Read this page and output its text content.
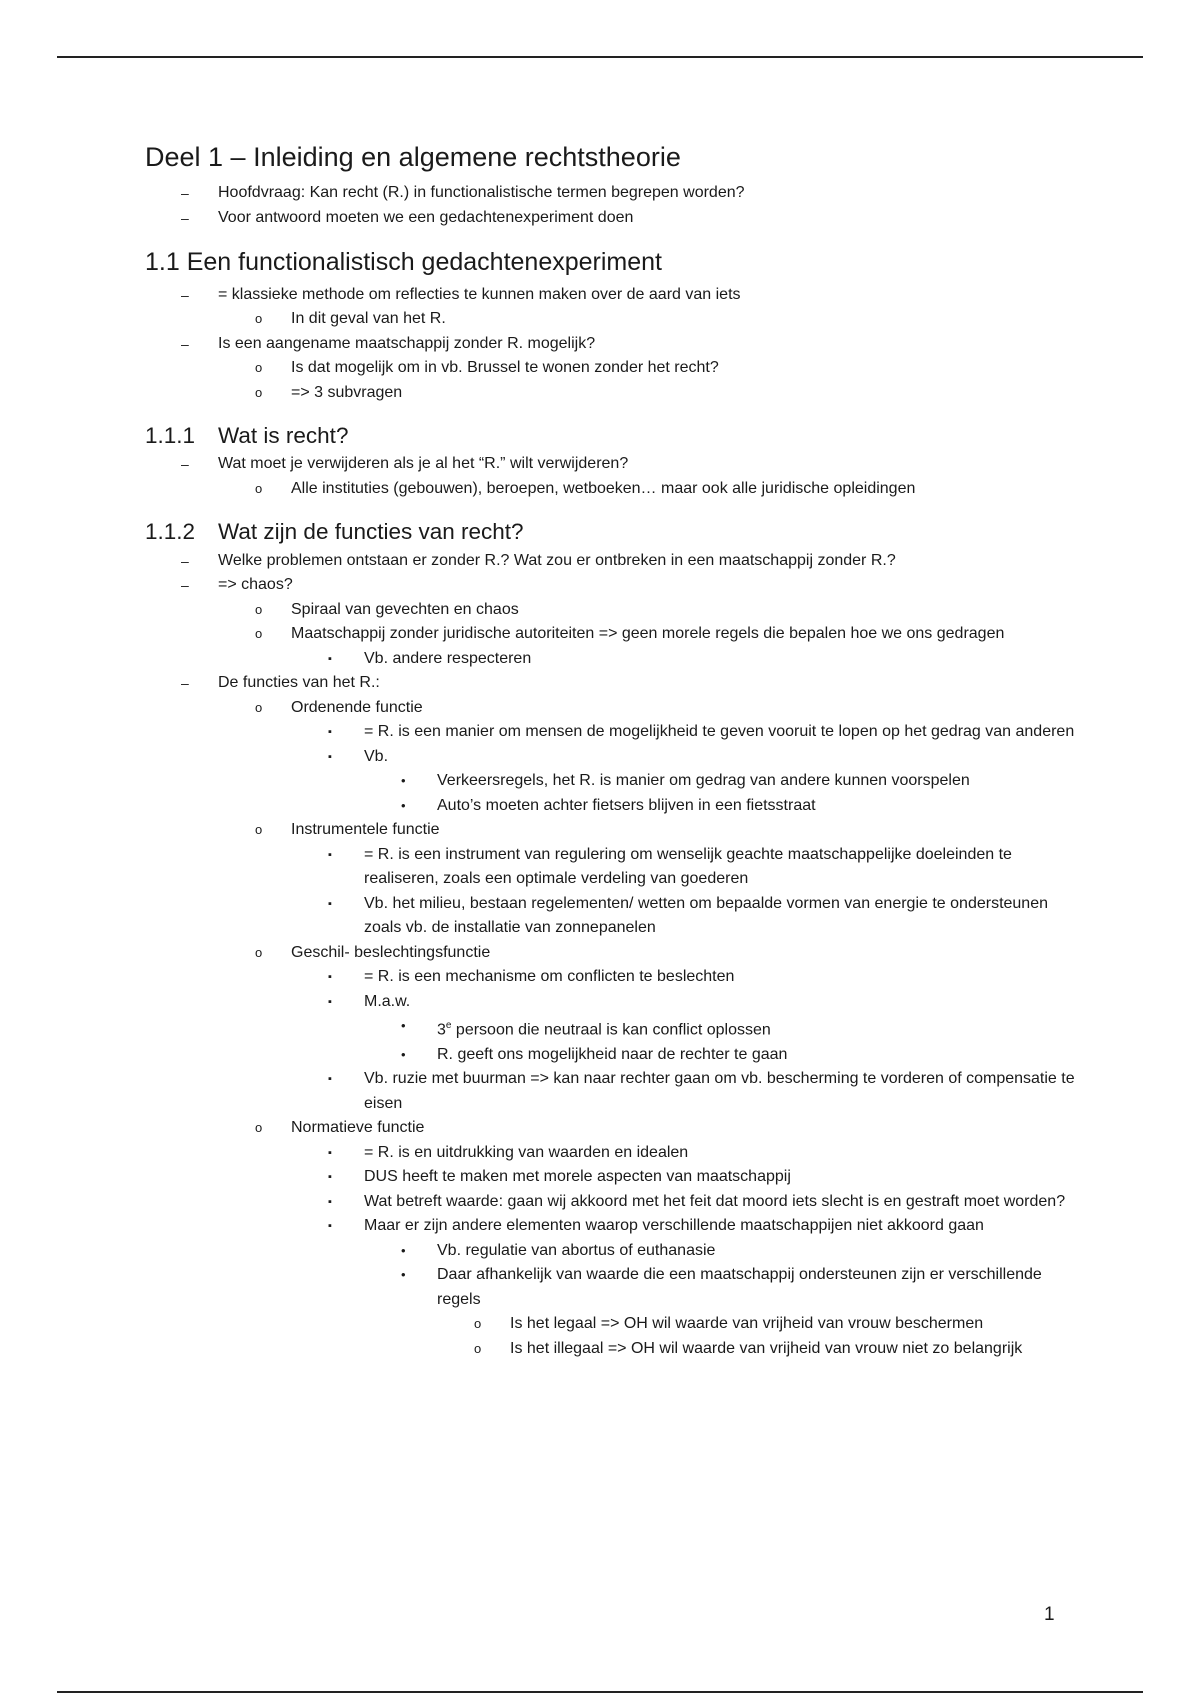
Deel 1 – Inleiding en algemene rechtstheorie
– Hoofdvraag: Kan recht (R.) in functionalistische termen begrepen worden?
– Voor antwoord moeten we een gedachtenexperiment doen
1.1 Een functionalistisch gedachtenexperiment
– = klassieke methode om reflecties te kunnen maken over de aard van iets
o In dit geval van het R.
– Is een aangename maatschappij zonder R. mogelijk?
o Is dat mogelijk om in vb. Brussel te wonen zonder het recht?
o => 3 subvragen
1.1.1 Wat is recht?
– Wat moet je verwijderen als je al het “R.” wilt verwijderen?
o Alle instituties (gebouwen), beroepen, wetboeken… maar ook alle juridische opleidingen
1.1.2 Wat zijn de functies van recht?
– Welke problemen ontstaan er zonder R.? Wat zou er ontbreken in een maatschappij zonder R.?
– => chaos?
o Spiraal van gevechten en chaos
o Maatschappij zonder juridische autoriteiten => geen morele regels die bepalen hoe we ons gedragen
▪ Vb. andere respecteren
– De functies van het R.:
o Ordenende functie
▪ = R. is een manier om mensen de mogelijkheid te geven vooruit te lopen op het gedrag van anderen
▪ Vb.
• Verkeersregels, het R. is manier om gedrag van andere kunnen voorspelen
• Auto’s moeten achter fietsers blijven in een fietsstraat
o Instrumentele functie
▪ = R. is een instrument van regulering om wenselijk geachte maatschappelijke doeleinden te realiseren, zoals een optimale verdeling van goederen
▪ Vb. het milieu, bestaan regelementen/ wetten om bepaalde vormen van energie te ondersteunen zoals vb. de installatie van zonnepanelen
o Geschil- beslechtingsfunctie
▪ = R. is een mechanisme om conflicten te beslechten
▪ M.a.w.
• 3e persoon die neutraal is kan conflict oplossen
• R. geeft ons mogelijkheid naar de rechter te gaan
▪ Vb. ruzie met buurman => kan naar rechter gaan om vb. bescherming te vorderen of compensatie te eisen
o Normatieve functie
▪ = R. is en uitdrukking van waarden en idealen
▪ DUS heeft te maken met morele aspecten van maatschappij
▪ Wat betreft waarde: gaan wij akkoord met het feit dat moord iets slecht is en gestraft moet worden?
▪ Maar er zijn andere elementen waarop verschillende maatschappijen niet akkoord gaan
• Vb. regulatie van abortus of euthanasie
• Daar afhankelijk van waarde die een maatschappij ondersteunen zijn er verschillende regels
o Is het legaal => OH wil waarde van vrijheid van vrouw beschermen
o Is het illegaal => OH wil waarde van vrijheid van vrouw niet zo belangrijk
1
